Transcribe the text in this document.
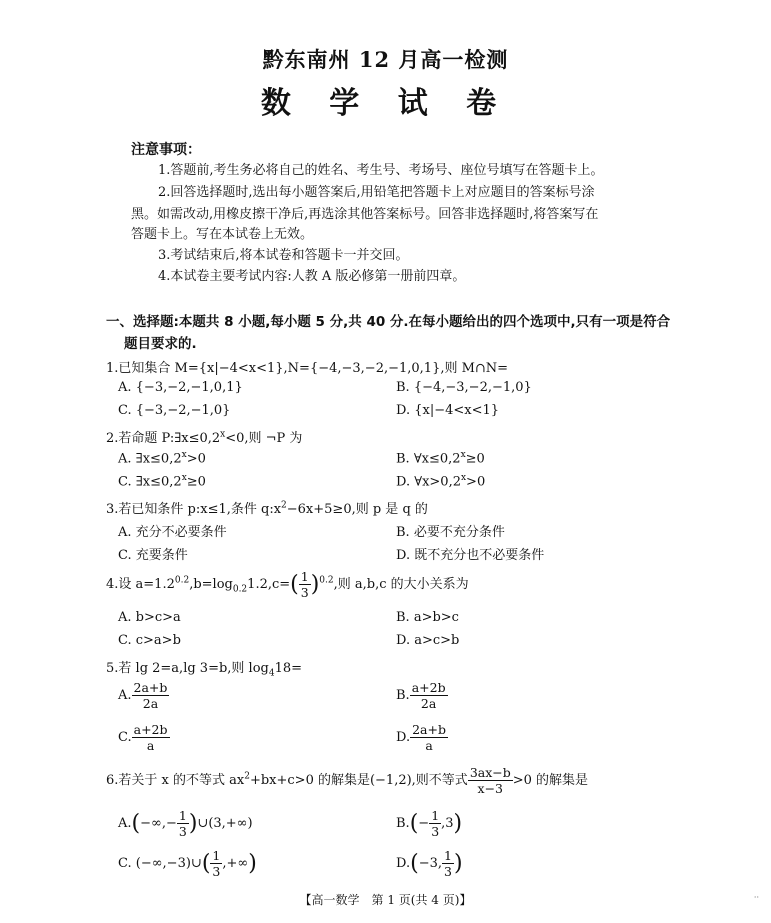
黔东南州 12 月高一检测
数 学 试 卷
注意事项：
1.答题前,考生务必将自己的姓名、考生号、考场号、座位号填写在答题卡上。
2.回答选择题时,选出每小题答案后,用铅笔把答题卡上对应题目的答案标号涂
黑。如需改动,用橡皮擦干净后,再选涂其他答案标号。回答非选择题时,将答案写在
答题卡上。写在本试卷上无效。
3.考试结束后,将本试卷和答题卡一并交回。
4.本试卷主要考试内容:人教 A 版必修第一册前四章。
一、选择题:本题共 8 小题,每小题 5 分,共 40 分.在每小题给出的四个选项中,只有一项是符合
题目要求的.
1.已知集合 M={x|−4<x<1},N={−4,−3,−2,−1,0,1},则 M∩N=
A. {−3,−2,−1,0,1}	B. {−4,−3,−2,−1,0}
C. {−3,−2,−1,0}	D. {x|−4<x<1}
2.若命题 $P:\exists x\le 0,2^x<0$,则 ¬P 为
A. $\exists x\le 0,2^x>0$	B. $\forall x\le 0,2^x\ge 0$
C. $\exists x\le 0,2^x\ge 0$	D. $\forall x>0,2^x>0$
3.若已知条件 p:x≤1,条件 $q:x^2-6x+5\ge 0$,则 p 是 q 的
A. 充分不必要条件	B. 必要不充分条件
C. 充要条件	D. 既不充分也不必要条件
4.设 $a=1.2^{0.2},b=\log_{0.2}1.2,c=( \frac{1}{3} )^{0.2}$,则 a,b,c 的大小关系为
A. b>c>a	B. a>b>c
C. c>a>b	D. a>c>b
5.若 lg 2=a,lg 3=b,则 $\log_418=$
A. $\frac{2a+b}{2a}$	B. $\frac{a+2b}{2a}$
C. $\frac{a+2b}{a}$	D. $\frac{2a+b}{a}$
6.若关于 x 的不等式 $ax^2+bx+c>0$ 的解集是(−1,2),则不等式 $\frac{3ax-b}{x-3} >0$ 的解集是
$A.(-\infty,- \frac{1}{3}$ )∪(3,+∞)	$B.(- \frac{1}{3} ,3)$
C. (−∞,−3)∪( $\frac{1}{3}$ ,+∞)	D.(−3, $\frac{1}{3}$ )
【高一数学　第 1 页(共 4 页)】	··
